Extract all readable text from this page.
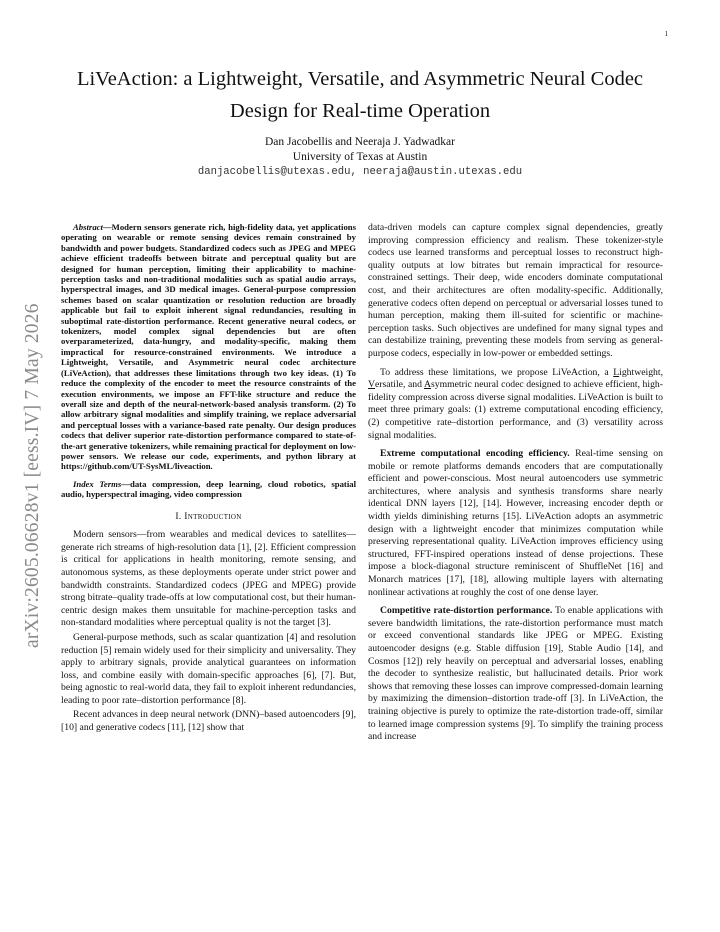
1
arXiv:2605.06628v1 [eess.IV] 7 May 2026
LiVeAction: a Lightweight, Versatile, and Asymmetric Neural Codec
Design for Real-time Operation
Dan Jacobellis and Neeraja J. Yadwadkar
University of Texas at Austin
danjacobellis@utexas.edu, neeraja@austin.utexas.edu

Abstract—Modern sensors generate rich, high-fidelity data, yet applications operating on wearable or remote sensing devices remain constrained by bandwidth and power budgets. Standardized codecs such as JPEG and MPEG achieve efficient tradeoffs between bitrate and perceptual quality but are designed for human perception, limiting their applicability to machine-perception tasks and non-traditional modalities such as spatial audio arrays, hyperspectral images, and 3D medical images. General-purpose compression schemes based on scalar quantization or resolution reduction are broadly applicable but fail to exploit inherent signal redundancies, resulting in suboptimal rate-distortion performance. Recent generative neural codecs, or tokenizers, model complex signal dependencies but are often overparameterized, data-hungry, and modality-specific, making them impractical for resource-constrained environments. We introduce a Lightweight, Versatile, and Asymmetric neural codec architecture (LiVeAction), that addresses these limitations through two key ideas. (1) To reduce the complexity of the encoder to meet the resource constraints of the execution environments, we impose an FFT-like structure and reduce the overall size and depth of the neural-network-based analysis transform. (2) To allow arbitrary signal modalities and simplify training, we replace adversarial and perceptual losses with a variance-based rate penalty. Our design produces codecs that deliver superior rate-distortion performance compared to state-of-the-art generative tokenizers, while remaining practical for deployment on low-power sensors. We release our code, experiments, and python library at https://github.com/UT-SysML/liveaction.

Index Terms—data compression, deep learning, cloud robotics, spatial audio, hyperspectral imaging, video compression

I. Introduction

Modern sensors—from wearables and medical devices to satellites—generate rich streams of high-resolution data [1], [2]. Efficient compression is critical for applications in health monitoring, remote sensing, and autonomous systems, as these deployments operate under strict power and bandwidth constraints. Standardized codecs (JPEG and MPEG) provide strong bitrate–quality trade-offs at low computational cost, but their human-centric design makes them unsuitable for machine-perception tasks and non-standard modalities where perceptual quality is not the target [3].

General-purpose methods, such as scalar quantization [4] and resolution reduction [5] remain widely used for their simplicity and universality. They apply to arbitrary signals, provide analytical guarantees on information loss, and combine easily with domain-specific approaches [6], [7]. But, being agnostic to real-world data, they fail to exploit inherent redundancies, leading to poor rate–distortion performance [8].

Recent advances in deep neural network (DNN)–based autoencoders [9], [10] and generative codecs [11], [12] show that

data-driven models can capture complex signal dependencies, greatly improving compression efficiency and realism. These tokenizer-style codecs use learned transforms and perceptual losses to reconstruct high-quality outputs at low bitrates but remain impractical for resource-constrained settings. Their deep, wide encoders dominate computational cost, and their architectures are often modality-specific. Additionally, generative codecs often depend on perceptual or adversarial losses tuned to human perception, making them ill-suited for scientific or machine-perception tasks. Such objectives are undefined for many signal types and can destabilize training, preventing these models from serving as general-purpose codecs, especially in low-power or embedded settings.

To address these limitations, we propose LiVeAction, a Lightweight, Versatile, and Asymmetric neural codec designed to achieve efficient, high-fidelity compression across diverse signal modalities. LiVeAction is built to meet three primary goals: (1) extreme computational encoding efficiency, (2) competitive rate–distortion performance, and (3) versatility across signal modalities.

Extreme computational encoding efficiency. Real-time sensing on mobile or remote platforms demands encoders that are computationally efficient and power-conscious. Most neural autoencoders use symmetric architectures, where analysis and synthesis transforms share nearly identical DNN layers [12], [14]. However, increasing encoder depth or width yields diminishing returns [15]. LiVeAction adopts an asymmetric design with a lightweight encoder that minimizes computation while preserving representational quality. LiVeAction improves efficiency using structured, FFT-inspired operations instead of dense projections. These impose a block-diagonal structure reminiscent of ShuffleNet [16] and Monarch matrices [17], [18], allowing multiple layers with alternating nonlinear activations at roughly the cost of one dense layer.

Competitive rate-distortion performance. To enable applications with severe bandwidth limitations, the rate-distortion performance must match or exceed conventional standards like JPEG or MPEG. Existing autoencoder designs (e.g. Stable diffusion [19], Stable Audio [14], and Cosmos [12]) rely heavily on perceptual and adversarial losses, enabling the decoder to synthesize realistic, but hallucinated details. Prior work shows that removing these losses can improve compressed-domain learning by maximizing the dimension–distortion trade-off [3]. In LiVeAction, the training objective is purely to optimize the rate-distortion trade-off, similar to learned image compression systems [9]. To simplify the training process and increase
